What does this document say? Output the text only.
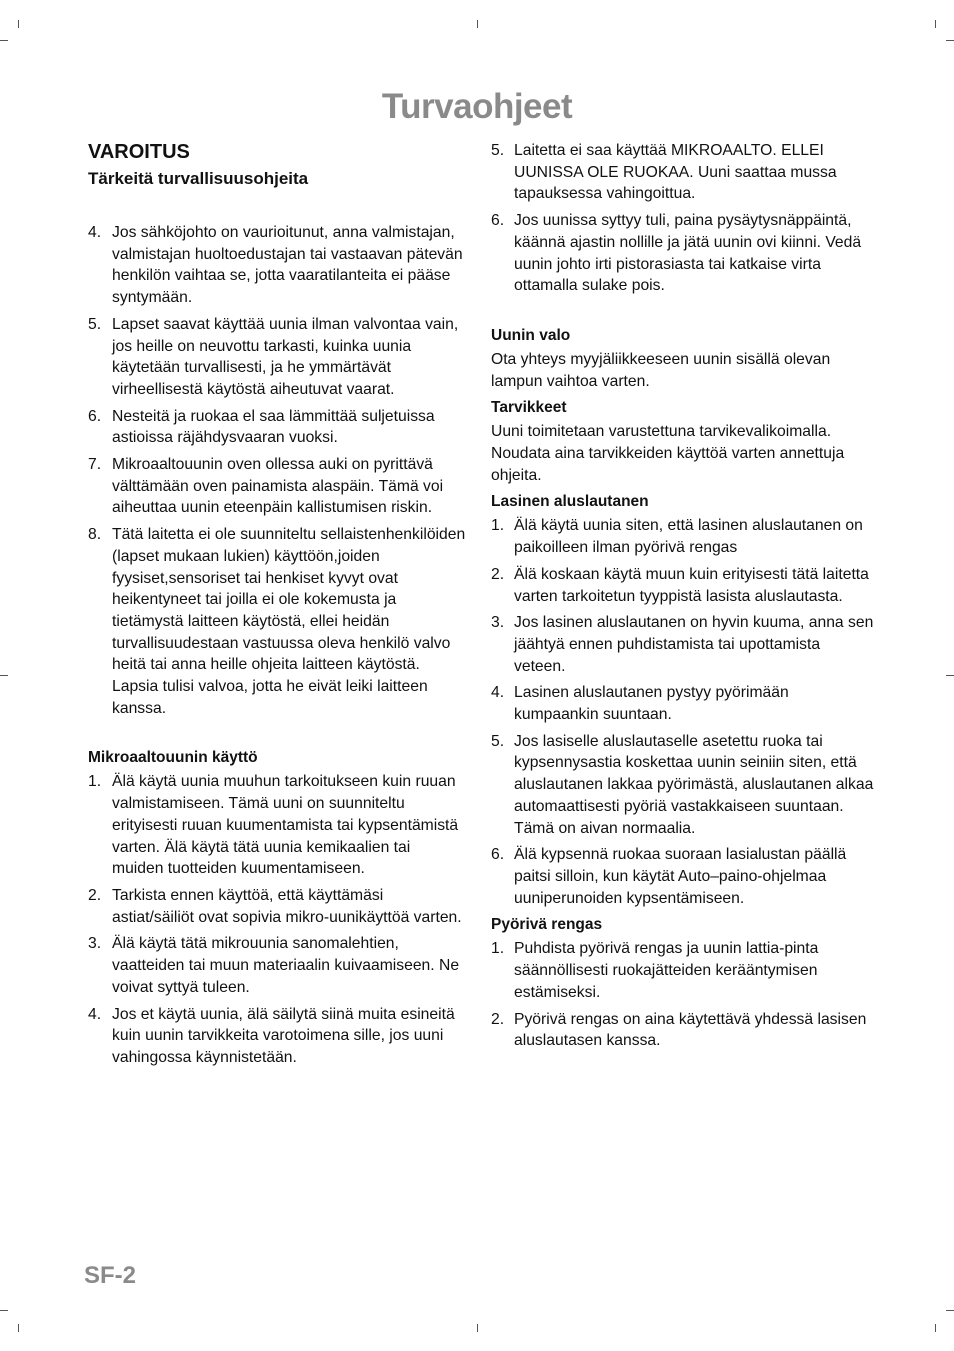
Turvaohjeet
VAROITUS
Tärkeitä turvallisuusohjeita
4. Jos sähköjohto on vaurioitunut, anna valmistajan, valmistajan huoltoedustajan tai vastaavan pätevän henkilön vaihtaa se, jotta vaaratilanteita ei pääse syntymään.
5. Lapset saavat käyttää uunia ilman valvontaa vain, jos heille on neuvottu tarkasti, kuinka uunia käytetään turvallisesti, ja he ymmärtävät virheellisestä käytöstä aiheutuvat vaarat.
6. Nesteitä ja ruokaa el saa lämmittää suljetuissa astioissa räjähdysvaaran vuoksi.
7. Mikroaaltouunin oven ollessa auki on pyrittävä välttämään oven painamista alaspäin. Tämä voi aiheuttaa uunin eteenpäin kallistumisen riskin.
8. Tätä laitetta ei ole suunniteltu sellaistenhenkilöiden (lapset mukaan lukien) käyttöön,joiden fyysiset,sensoriset tai henkiset kyvyt ovat heikentyneet tai joilla ei ole kokemusta ja tietämystä laitteen käytöstä, ellei heidän turvallisuudestaan vastuussa oleva henkilö valvo heitä tai anna heille ohjeita laitteen käytöstä. Lapsia tulisi valvoa, jotta he eivät leiki laitteen kanssa.
Mikroaaltouunin käyttö
1. Älä käytä uunia muuhun tarkoitukseen kuin ruuan valmistamiseen. Tämä uuni on suunniteltu erityisesti ruuan kuumentamista tai kypsentämistä varten. Älä käytä tätä uunia kemikaalien tai muiden tuotteiden kuumentamiseen.
2. Tarkista ennen käyttöä, että käyttämäsi astiat/säiliöt ovat sopivia mikro-uunikäyttöä varten.
3. Älä käytä tätä mikrouunia sanomalehtien, vaatteiden tai muun materiaalin kuivaamiseen. Ne voivat syttyä tuleen.
4. Jos et käytä uunia, älä säilytä siinä muita esineitä kuin uunin tarvikkeita varotoimena sille, jos uuni vahingossa käynnistetään.
5. Laitetta ei saa käyttää MIKROAALTO. ELLEI UUNISSA OLE RUOKAA. Uuni saattaa mussa tapauksessa vahingoittua.
6. Jos uunissa syttyy tuli, paina pysäytysnäppäintä, käännä ajastin nollille ja jätä uunin ovi kiinni. Vedä uunin johto irti pistorasiasta tai katkaise virta ottamalla sulake pois.
Uunin valo

Ota yhteys myyjäliikkeeseen uunin sisällä olevan lampun vaihtoa varten.

Tarvikkeet

Uuni toimitetaan varustettuna tarvikevalikoimalla. Noudata aina tarvikkeiden käyttöä varten annettuja ohjeita.

Lasinen aluslautanen
1. Älä käytä uunia siten, että lasinen aluslautanen on paikoilleen ilman pyörivä rengas
2. Älä koskaan käytä muun kuin erityisesti tätä laitetta varten tarkoitetun tyyppistä lasista aluslautasta.
3. Jos lasinen aluslautanen on hyvin kuuma, anna sen jäähtyä ennen puhdistamista tai upottamista veteen.
4. Lasinen aluslautanen pystyy pyörimään kumpaankin suuntaan.
5. Jos lasiselle aluslautaselle asetettu ruoka tai kypsennysastia koskettaa uunin seiniin siten, että aluslautanen lakkaa pyörimästä, aluslautanen alkaa automaattisesti pyöriä vastakkaiseen suuntaan. Tämä on aivan normaalia.
6. Älä kypsennä ruokaa suoraan lasialustan päällä paitsi silloin, kun käytät Auto–paino-ohjelmaa uuniperunoiden kypsentämiseen.
Pyörivä rengas
1. Puhdista pyörivä rengas ja uunin lattia-pinta säännöllisesti ruokajätteiden kerääntymisen estämiseksi.
2. Pyörivä rengas on aina käytettävä yhdessä lasisen aluslautasen kanssa.
SF-2
